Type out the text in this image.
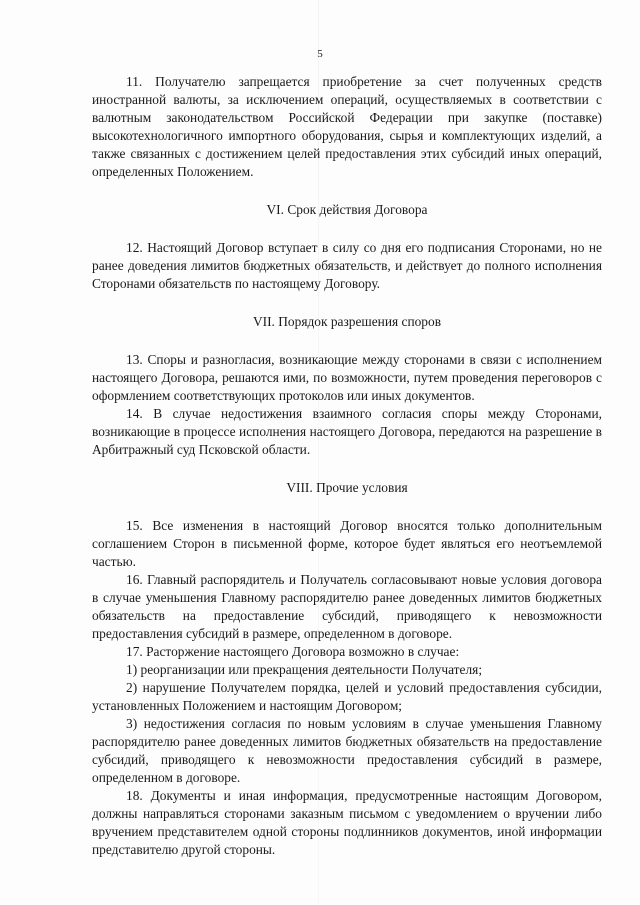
5

11. Получателю запрещается приобретение за счет полученных средств иностранной валюты, за исключением операций, осуществляемых в соответствии с валютным законодательством Российской Федерации при закупке (поставке) высокотехнологичного импортного оборудования, сырья и комплектующих изделий, а также связанных с достижением целей предоставления этих субсидий иных операций, определенных Положением.

VI. Срок действия Договора

12. Настоящий Договор вступает в силу со дня его подписания Сторонами, но не ранее доведения лимитов бюджетных обязательств, и действует до полного исполнения Сторонами обязательств по настоящему Договору.

VII. Порядок разрешения споров

13. Споры и разногласия, возникающие между сторонами в связи с исполнением настоящего Договора, решаются ими, по возможности, путем проведения переговоров с оформлением соответствующих протоколов или иных документов.

14. В случае недостижения взаимного согласия споры между Сторонами, возникающие в процессе исполнения настоящего Договора, передаются на разрешение в Арбитражный суд Псковской области.

VIII. Прочие условия

15. Все изменения в настоящий Договор вносятся только дополнительным соглашением Сторон в письменной форме, которое будет являться его неотъемлемой частью.

16. Главный распорядитель и Получатель согласовывают новые условия договора в случае уменьшения Главному распорядителю ранее доведенных лимитов бюджетных обязательств на предоставление субсидий, приводящего к невозможности предоставления субсидий в размере, определенном в договоре.

17. Расторжение настоящего Договора возможно в случае:

1) реорганизации или прекращения деятельности Получателя;

2) нарушение Получателем порядка, целей и условий предоставления субсидии, установленных Положением и настоящим Договором;

3) недостижения согласия по новым условиям в случае уменьшения Главному распорядителю ранее доведенных лимитов бюджетных обязательств на предоставление субсидий, приводящего к невозможности предоставления субсидий в размере, определенном в договоре.

18. Документы и иная информация, предусмотренные настоящим Договором, должны направляться сторонами заказным письмом с уведомлением о вручении либо вручением представителем одной стороны подлинников документов, иной информации представителю другой стороны.
